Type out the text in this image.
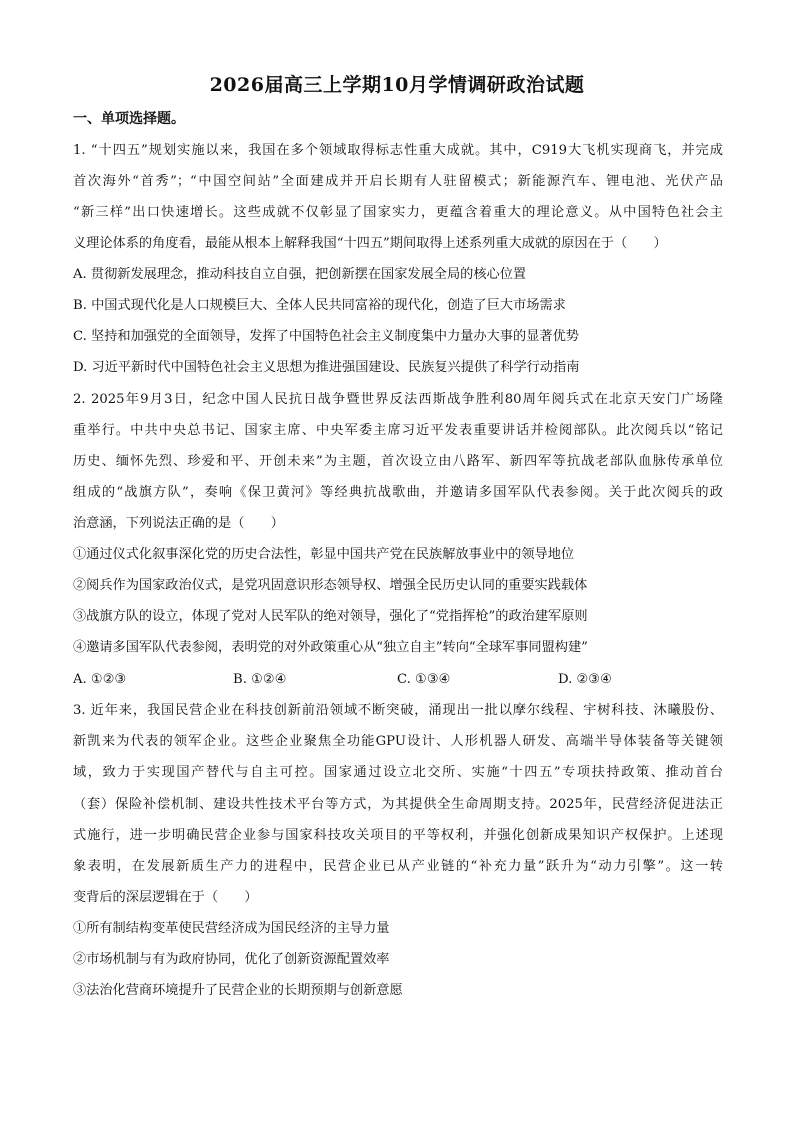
2026届高三上学期10月学情调研政治试题
一、单项选择题。
1. “十四五”规划实施以来，我国在多个领域取得标志性重大成就。其中，C919大飞机实现商飞，并完成
首次海外“首秀”；“中国空间站”全面建成并开启长期有人驻留模式；新能源汽车、锂电池、光伏产品
“新三样”出口快速增长。这些成就不仅彰显了国家实力，更蕴含着重大的理论意义。从中国特色社会主
义理论体系的角度看，最能从根本上解释我国“十四五”期间取得上述系列重大成就的原因在于（　　）
A. 贯彻新发展理念，推动科技自立自强，把创新摆在国家发展全局的核心位置
B. 中国式现代化是人口规模巨大、全体人民共同富裕的现代化，创造了巨大市场需求
C. 坚持和加强党的全面领导，发挥了中国特色社会主义制度集中力量办大事的显著优势
D. 习近平新时代中国特色社会主义思想为推进强国建设、民族复兴提供了科学行动指南
2. 2025年9月3日，纪念中国人民抗日战争暨世界反法西斯战争胜利80周年阅兵式在北京天安门广场隆
重举行。中共中央总书记、国家主席、中央军委主席习近平发表重要讲话并检阅部队。此次阅兵以“铭记
历史、缅怀先烈、珍爱和平、开创未来”为主题，首次设立由八路军、新四军等抗战老部队血脉传承单位
组成的“战旗方队”，奏响《保卫黄河》等经典抗战歌曲，并邀请多国军队代表参阅。关于此次阅兵的政
治意涵，下列说法正确的是（　　）
①通过仪式化叙事深化党的历史合法性，彰显中国共产党在民族解放事业中的领导地位
②阅兵作为国家政治仪式，是党巩固意识形态领导权、增强全民历史认同的重要实践载体
③战旗方队的设立，体现了党对人民军队的绝对领导，强化了“党指挥枪”的政治建军原则
④邀请多国军队代表参阅，表明党的对外政策重心从“独立自主”转向“全球军事同盟构建”
A. ①②③	B. ①②④	C. ①③④	D. ②③④
3. 近年来，我国民营企业在科技创新前沿领域不断突破，涌现出一批以摩尔线程、宇树科技、沐曦股份、
新凯来为代表的领军企业。这些企业聚焦全功能GPU设计、人形机器人研发、高端半导体装备等关键领
域，致力于实现国产替代与自主可控。国家通过设立北交所、实施“十四五”专项扶持政策、推动首台
（套）保险补偿机制、建设共性技术平台等方式，为其提供全生命周期支持。2025年，民营经济促进法正
式施行，进一步明确民营企业参与国家科技攻关项目的平等权利，并强化创新成果知识产权保护。上述现
象表明，在发展新质生产力的进程中，民营企业已从产业链的“补充力量”跃升为“动力引擎”。这一转
变背后的深层逻辑在于（　　）
①所有制结构变革使民营经济成为国民经济的主导力量
②市场机制与有为政府协同，优化了创新资源配置效率
③法治化营商环境提升了民营企业的长期预期与创新意愿
